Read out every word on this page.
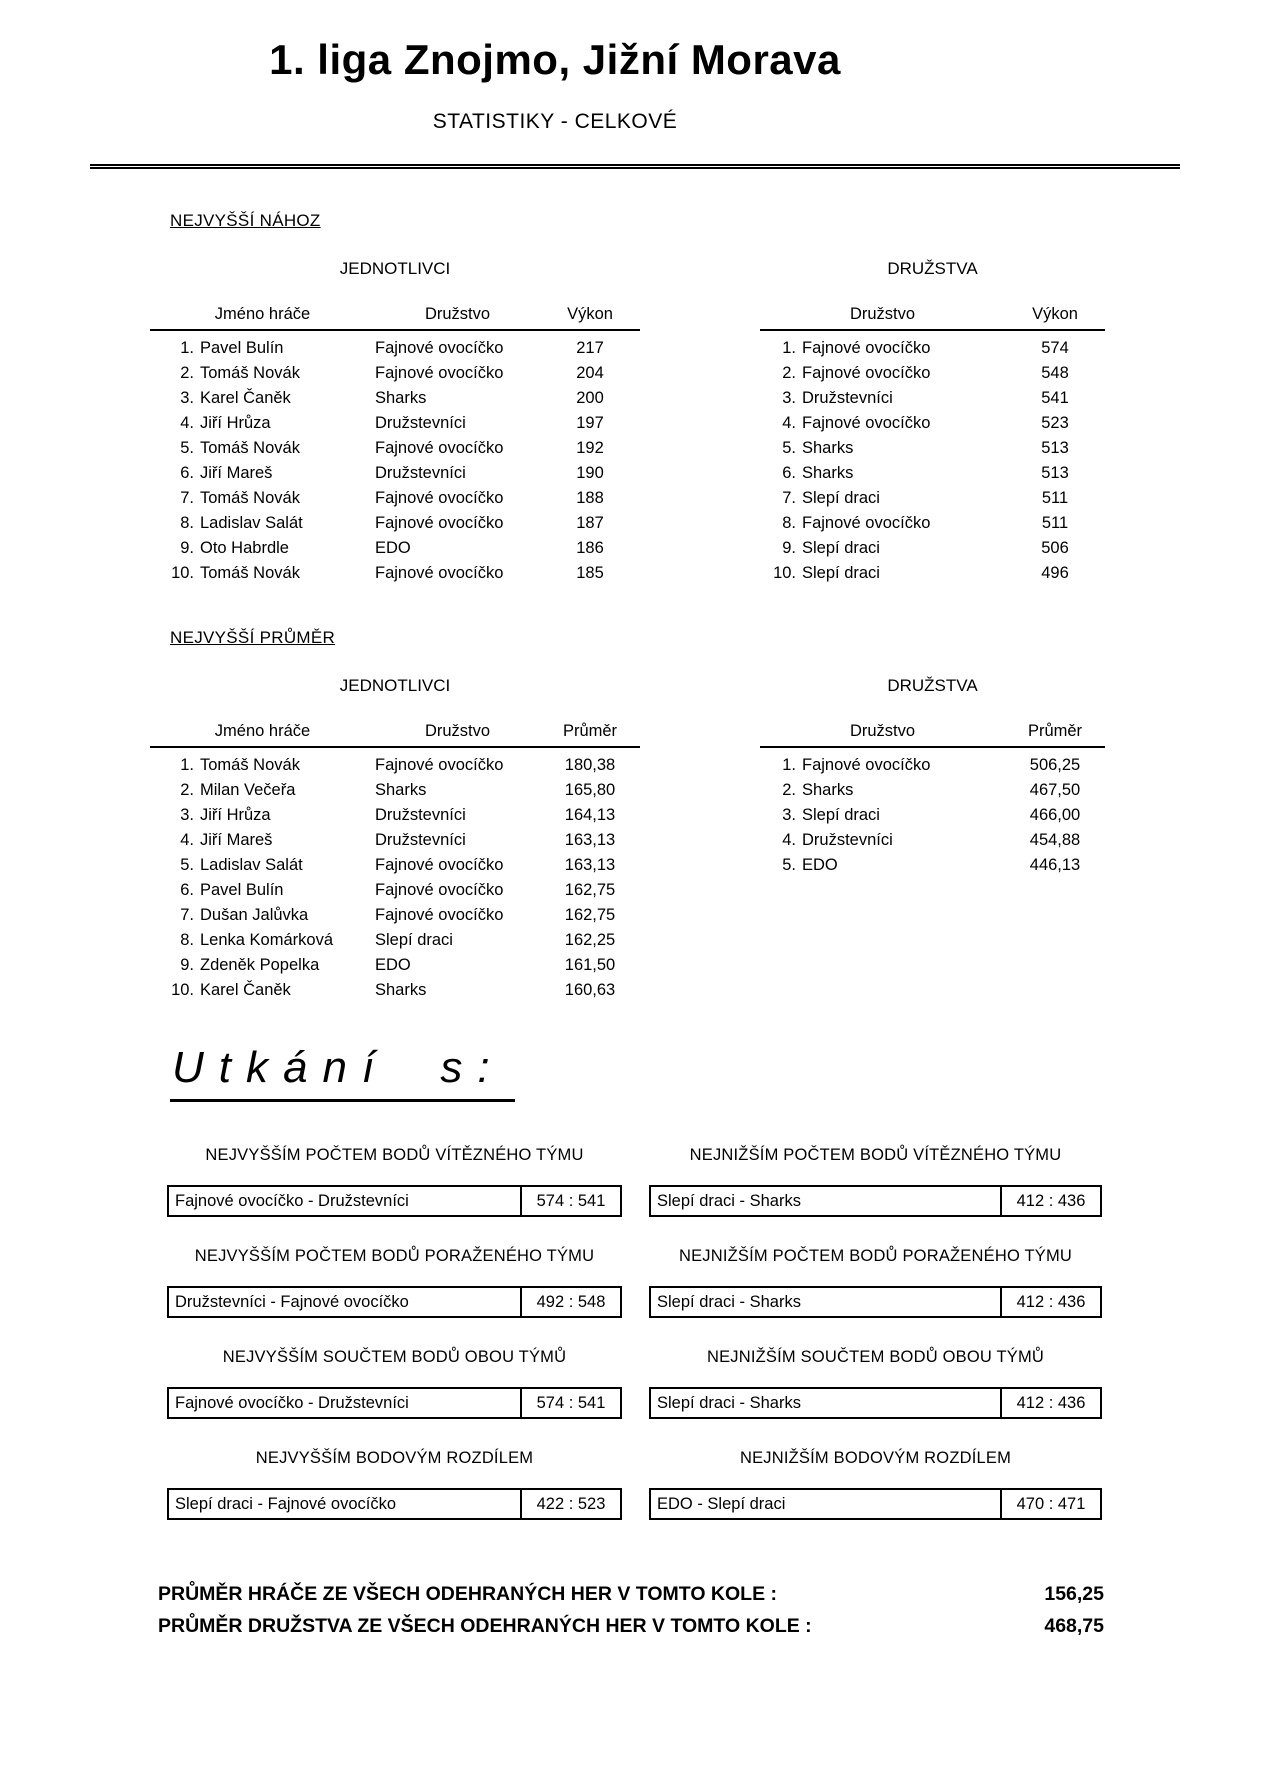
1. liga Znojmo, Jižní Morava
STATISTIKY - CELKOVÉ
NEJVYŠŠÍ NÁHOZ
JEDNOTLIVCI
Jméno hráče	Družstvo	Výkon
1. Pavel Bulín	Fajnové ovocíčko	217
2. Tomáš Novák	Fajnové ovocíčko	204
3. Karel Čaněk	Sharks	200
4. Jiří Hrůza	Družstevníci	197
5. Tomáš Novák	Fajnové ovocíčko	192
6. Jiří Mareš	Družstevníci	190
7. Tomáš Novák	Fajnové ovocíčko	188
8. Ladislav Salát	Fajnové ovocíčko	187
9. Oto Habrdle	EDO	186
10. Tomáš Novák	Fajnové ovocíčko	185
DRUŽSTVA
Družstvo	Výkon
1. Fajnové ovocíčko	574
2. Fajnové ovocíčko	548
3. Družstevníci	541
4. Fajnové ovocíčko	523
5. Sharks	513
6. Sharks	513
7. Slepí draci	511
8. Fajnové ovocíčko	511
9. Slepí draci	506
10. Slepí draci	496
NEJVYŠŠÍ PRŮMĚR
JEDNOTLIVCI
Jméno hráče	Družstvo	Průměr
1. Tomáš Novák	Fajnové ovocíčko	180,38
2. Milan Večeřa	Sharks	165,80
3. Jiří Hrůza	Družstevníci	164,13
4. Jiří Mareš	Družstevníci	163,13
5. Ladislav Salát	Fajnové ovocíčko	163,13
6. Pavel Bulín	Fajnové ovocíčko	162,75
7. Dušan Jalůvka	Fajnové ovocíčko	162,75
8. Lenka Komárková	Slepí draci	162,25
9. Zdeněk Popelka	EDO	161,50
10. Karel Čaněk	Sharks	160,63
DRUŽSTVA
Družstvo	Průměr
1. Fajnové ovocíčko	506,25
2. Sharks	467,50
3. Slepí draci	466,00
4. Družstevníci	454,88
5. EDO	446,13
Utkání s:
NEJVYŠŠÍM POČTEM BODŮ VÍTĚZNÉHO TÝMU
Fajnové ovocíčko - Družstevníci	574 : 541
NEJNIŽŠÍM POČTEM BODŮ VÍTĚZNÉHO TÝMU
Slepí draci - Sharks	412 : 436
NEJVYŠŠÍM POČTEM BODŮ PORAŽENÉHO TÝMU
Družstevníci - Fajnové ovocíčko	492 : 548
NEJNIŽŠÍM POČTEM BODŮ PORAŽENÉHO TÝMU
Slepí draci - Sharks	412 : 436
NEJVYŠŠÍM SOUČTEM BODŮ OBOU TÝMŮ
Fajnové ovocíčko - Družstevníci	574 : 541
NEJNIŽŠÍM SOUČTEM BODŮ OBOU TÝMŮ
Slepí draci - Sharks	412 : 436
NEJVYŠŠÍM BODOVÝM ROZDÍLEM
Slepí draci - Fajnové ovocíčko	422 : 523
NEJNIŽŠÍM BODOVÝM ROZDÍLEM
EDO - Slepí draci	470 : 471
PRŮMĚR HRÁČE ZE VŠECH ODEHRANÝCH HER V TOMTO KOLE :	156,25
PRŮMĚR DRUŽSTVA ZE VŠECH ODEHRANÝCH HER V TOMTO KOLE :	468,75
